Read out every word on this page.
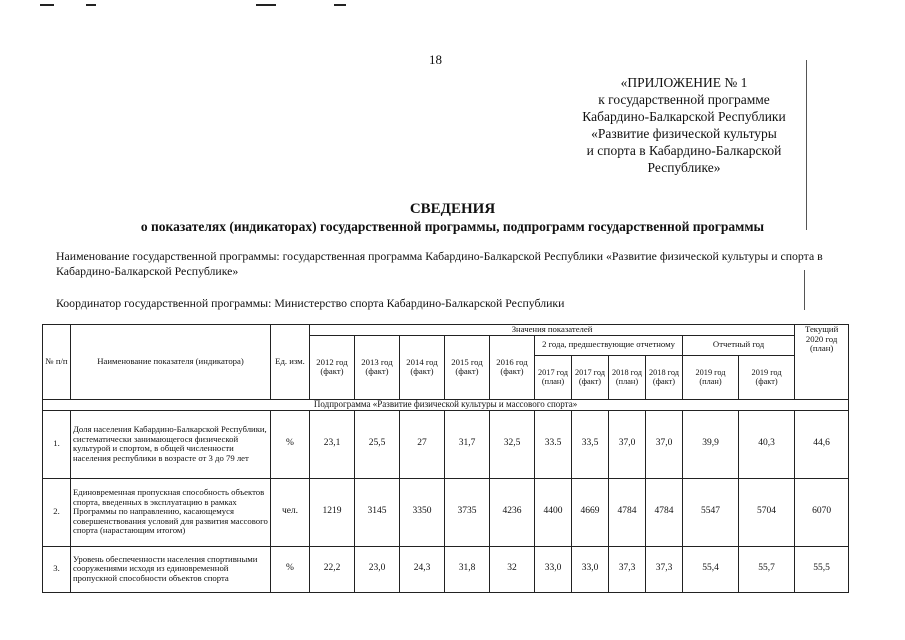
18
«ПРИЛОЖЕНИЕ № 1
к государственной программе
Кабардино-Балкарской Республики
«Развитие физической культуры
и спорта в Кабардино-Балкарской
Республике»
СВЕДЕНИЯ
о показателях (индикаторах) государственной программы, подпрограмм государственной программы
Наименование государственной программы: государственная программа Кабардино-Балкарской Республики «Развитие физической культуры и спорта в Кабардино-Балкарской Республике»
Координатор государственной программы: Министерство спорта Кабардино-Балкарской Республики
№ п/п	Наименование показателя (индикатора)	Ед. изм.	Значения показателей											Текущий 2020 год (план)
			2012 год (факт)	2013 год (факт)	2014 год (факт)	2015 год (факт)	2016 год (факт)	2 года, предшествующие отчетному				Отчетный год		
								2017 год (план)	2017 год (факт)	2018 год (план)	2018 год (факт)	2019 год (план)	2019 год (факт)	
Подпрограмма «Развитие физической культуры и массового спорта»														
1.	Доля населения Кабардино-Балкарской Республики, систематически занимающегося физической культурой и спортом, в общей численности населения республики в возрасте от 3 до 79 лет	%	23,1	25,5	27	31,7	32,5	33.5	33,5	37,0	37,0	39,9	40,3	44,6
2.	Единовременная пропускная способность объектов спорта, введенных в эксплуатацию в рамках Программы по направлению, касающемуся совершенствования условий для развития массового спорта (нарастающим итогом)	чел.	1219	3145	3350	3735	4236	4400	4669	4784	4784	5547	5704	6070
3.	Уровень обеспеченности населения спортивными сооружениями исходя из единовременной пропускной способности объектов спорта	%	22,2	23,0	24,3	31,8	32	33,0	33,0	37,3	37,3	55,4	55,7	55,5
